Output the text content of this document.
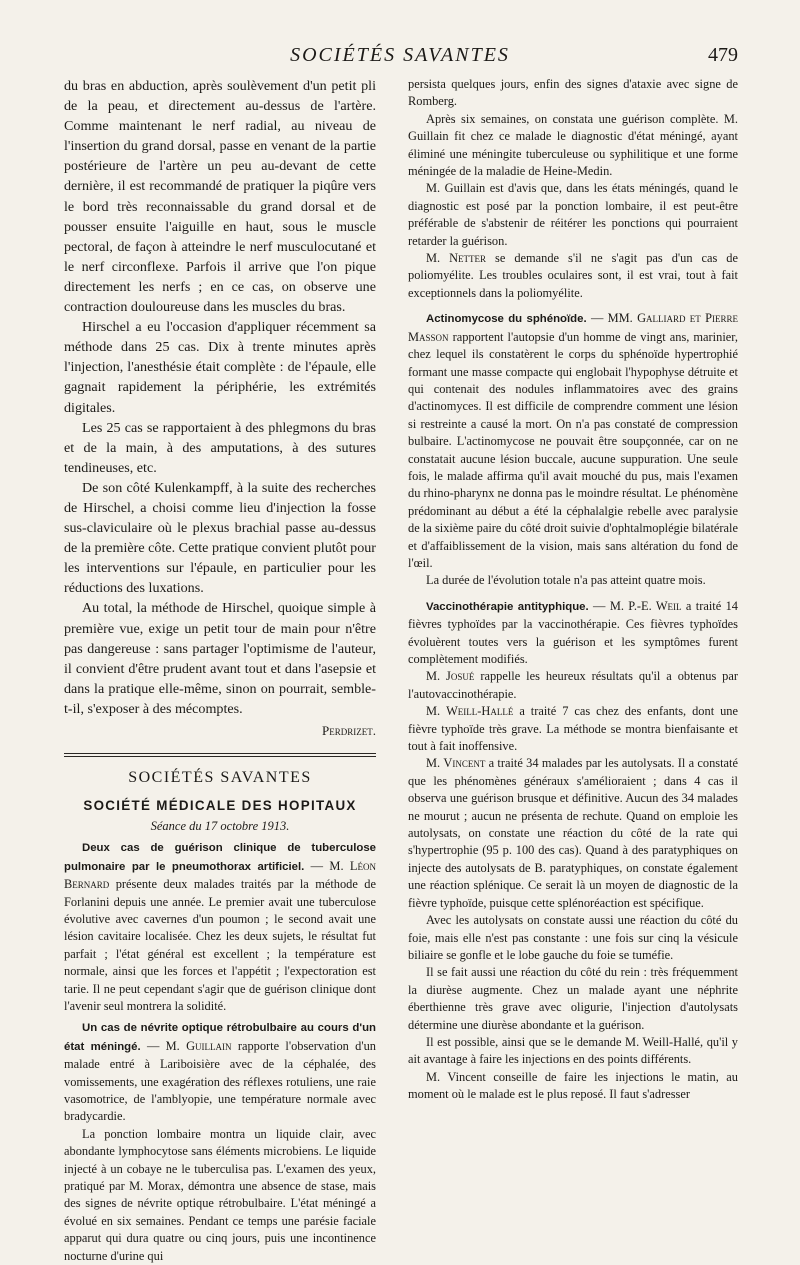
SOCIÉTÉS SAVANTES	479

du bras en abduction, après soulèvement d'un petit pli de la peau, et directement au-dessus de l'artère. Comme maintenant le nerf radial, au niveau de l'insertion du grand dorsal, passe en venant de la partie postérieure de l'artère un peu au-devant de cette dernière, il est recommandé de pratiquer la piqûre vers le bord très reconnaissable du grand dorsal et de pousser ensuite l'aiguille en haut, sous le muscle pectoral, de façon à atteindre le nerf musculocutané et le nerf circonflexe. Parfois il arrive que l'on pique directement les nerfs ; en ce cas, on observe une contraction douloureuse dans les muscles du bras.

Hirschel a eu l'occasion d'appliquer récemment sa méthode dans 25 cas. Dix à trente minutes après l'injection, l'anesthésie était complète : de l'épaule, elle gagnait rapidement la périphérie, les extrémités digitales.

Les 25 cas se rapportaient à des phlegmons du bras et de la main, à des amputations, à des sutures tendineuses, etc.

De son côté Kulenkampff, à la suite des recherches de Hirschel, a choisi comme lieu d'injection la fosse sus-claviculaire où le plexus brachial passe au-dessus de la première côte. Cette pratique convient plutôt pour les interventions sur l'épaule, en particulier pour les réductions des luxations.

Au total, la méthode de Hirschel, quoique simple à première vue, exige un petit tour de main pour n'être pas dangereuse : sans partager l'optimisme de l'auteur, il convient d'être prudent avant tout et dans l'asepsie et dans la pratique elle-même, sinon on pourrait, semble-t-il, s'exposer à des mécomptes.

Perdrizet.
SOCIÉTÉS SAVANTES
SOCIÉTÉ MÉDICALE DES HOPITAUX
Séance du 17 octobre 1913.

Deux cas de guérison clinique de tuberculose pulmonaire par le pneumothorax artificiel. — M. Léon Bernard présente deux malades traités par la méthode de Forlanini depuis une année. Le premier avait une tuberculose évolutive avec cavernes d'un poumon ; le second avait une lésion cavitaire localisée. Chez les deux sujets, le résultat fut parfait ; l'état général est excellent ; la température est normale, ainsi que les forces et l'appétit ; l'expectoration est tarie. Il ne peut cependant s'agir que de guérison clinique dont l'avenir seul montrera la solidité.

Un cas de névrite optique rétrobulbaire au cours d'un état méningé. — M. Guillain rapporte l'observation d'un malade entré à Lariboisière avec de la céphalée, des vomissements, une exagération des réflexes rotuliens, une raie vasomotrice, de l'amblyopie, une température normale avec bradycardie.

La ponction lombaire montra un liquide clair, avec abondante lymphocytose sans éléments microbiens. Le liquide injecté à un cobaye ne le tuberculisa pas. L'examen des yeux, pratiqué par M. Morax, démontra une absence de stase, mais des signes de névrite optique rétrobulbaire. L'état méningé a évolué en six semaines. Pendant ce temps une parésie faciale apparut qui dura quatre ou cinq jours, puis une incontinence nocturne d'urine qui

persista quelques jours, enfin des signes d'ataxie avec signe de Romberg.

Après six semaines, on constata une guérison complète. M. Guillain fit chez ce malade le diagnostic d'état méningé, ayant éliminé une méningite tuberculeuse ou syphilitique et une forme méningée de la maladie de Heine-Medin.

M. Guillain est d'avis que, dans les états méningés, quand le diagnostic est posé par la ponction lombaire, il est peut-être préférable de s'abstenir de réitérer les ponctions qui pourraient retarder la guérison.

M. Netter se demande s'il ne s'agit pas d'un cas de poliomyélite. Les troubles oculaires sont, il est vrai, tout à fait exceptionnels dans la poliomyélite.

Actinomycose du sphénoïde. — MM. Galliard et Pierre Masson rapportent l'autopsie d'un homme de vingt ans, marinier, chez lequel ils constatèrent le corps du sphénoïde hypertrophié formant une masse compacte qui englobait l'hypophyse détruite et qui contenait des nodules inflammatoires avec des grains d'actinomyces. Il est difficile de comprendre comment une lésion si restreinte a causé la mort. On n'a pas constaté de compression bulbaire. L'actinomycose ne pouvait être soupçonnée, car on ne constatait aucune lésion buccale, aucune suppuration. Une seule fois, le malade affirma qu'il avait mouché du pus, mais l'examen du rhino-pharynx ne donna pas le moindre résultat. Le phénomène prédominant au début a été la céphalalgie rebelle avec paralysie de la sixième paire du côté droit suivie d'ophtalmoplégie bilatérale et d'affaiblissement de la vision, mais sans altération du fond de l'œil.

La durée de l'évolution totale n'a pas atteint quatre mois.

Vaccinothérapie antityphique. — M. P.-E. Weil a traité 14 fièvres typhoïdes par la vaccinothérapie. Ces fièvres typhoïdes évoluèrent toutes vers la guérison et les symptômes furent complètement modifiés.

M. Josué rappelle les heureux résultats qu'il a obtenus par l'autovaccinothérapie.

M. Weill-Hallé a traité 7 cas chez des enfants, dont une fièvre typhoïde très grave. La méthode se montra bienfaisante et tout à fait inoffensive.

M. Vincent a traité 34 malades par les autolysats. Il a constaté que les phénomènes généraux s'amélioraient ; dans 4 cas il observa une guérison brusque et définitive. Aucun des 34 malades ne mourut ; aucun ne présenta de rechute. Quand on emploie les autolysats, on constate une réaction du côté de la rate qui s'hypertrophie (95 p. 100 des cas). Quand à des paratyphiques on injecte des autolysats de B. paratyphiques, on constate également une réaction splénique. Ce serait là un moyen de diagnostic de la fièvre typhoïde, puisque cette splénoréaction est spécifique.

Avec les autolysats on constate aussi une réaction du côté du foie, mais elle n'est pas constante : une fois sur cinq la vésicule biliaire se gonfle et le lobe gauche du foie se tuméfie.

Il se fait aussi une réaction du côté du rein : très fréquemment la diurèse augmente. Chez un malade ayant une néphrite éberthienne très grave avec oligurie, l'injection d'autolysats détermine une diurèse abondante et la guérison.

Il est possible, ainsi que se le demande M. Weill-Hallé, qu'il y ait avantage à faire les injections en des points différents.

M. Vincent conseille de faire les injections le matin, au moment où le malade est le plus reposé. Il faut s'adresser
